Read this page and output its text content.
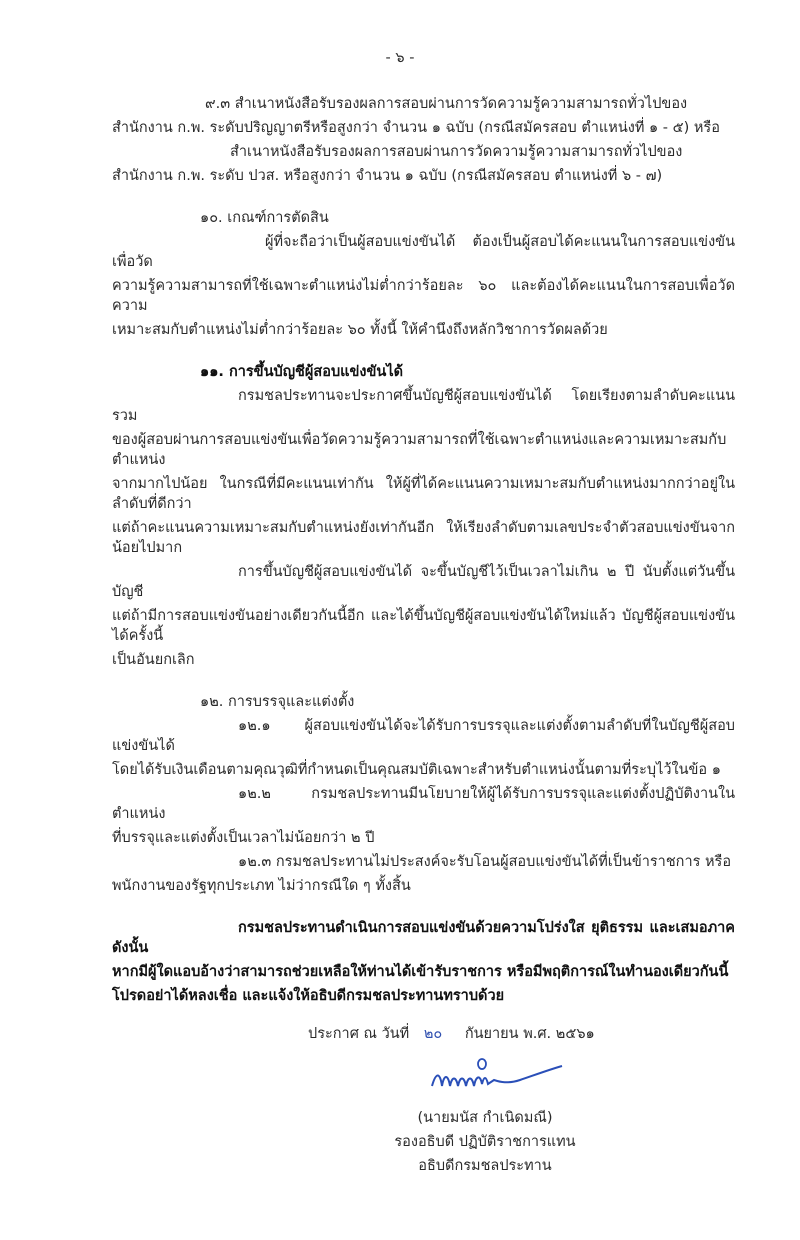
- ๖ -
๙.๓ สำเนาหนังสือรับรองผลการสอบผ่านการวัดความรู้ความสามารถทั่วไปของ
สำนักงาน ก.พ. ระดับปริญญาตรีหรือสูงกว่า จำนวน ๑ ฉบับ (กรณีสมัครสอบ ตำแหน่งที่ ๑ - ๕) หรือ
สำเนาหนังสือรับรองผลการสอบผ่านการวัดความรู้ความสามารถทั่วไปของ
สำนักงาน ก.พ. ระดับ ปวส. หรือสูงกว่า จำนวน ๑ ฉบับ (กรณีสมัครสอบ ตำแหน่งที่ ๖ - ๗)
๑๐. เกณฑ์การตัดสิน
ผู้ที่จะถือว่าเป็นผู้สอบแข่งขันได้ ต้องเป็นผู้สอบได้คะแนนในการสอบแข่งขันเพื่อวัด
ความรู้ความสามารถที่ใช้เฉพาะตำแหน่งไม่ต่ำกว่าร้อยละ ๖๐ และต้องได้คะแนนในการสอบเพื่อวัดความ
เหมาะสมกับตำแหน่งไม่ต่ำกว่าร้อยละ ๖๐ ทั้งนี้ ให้คำนึงถึงหลักวิชาการวัดผลด้วย
๑๑. การขึ้นบัญชีผู้สอบแข่งขันได้
กรมชลประทานจะประกาศขึ้นบัญชีผู้สอบแข่งขันได้ โดยเรียงตามลำดับคะแนนรวม
ของผู้สอบผ่านการสอบแข่งขันเพื่อวัดความรู้ความสามารถที่ใช้เฉพาะตำแหน่งและความเหมาะสมกับตำแหน่ง
จากมากไปน้อย ในกรณีที่มีคะแนนเท่ากัน ให้ผู้ที่ได้คะแนนความเหมาะสมกับตำแหน่งมากกว่าอยู่ในลำดับที่ดีกว่า
แต่ถ้าคะแนนความเหมาะสมกับตำแหน่งยังเท่ากันอีก ให้เรียงลำดับตามเลขประจำตัวสอบแข่งขันจากน้อยไปมาก
การขึ้นบัญชีผู้สอบแข่งขันได้ จะขึ้นบัญชีไว้เป็นเวลาไม่เกิน ๒ ปี นับตั้งแต่วันขึ้นบัญชี
แต่ถ้ามีการสอบแข่งขันอย่างเดียวกันนี้อีก และได้ขึ้นบัญชีผู้สอบแข่งขันได้ใหม่แล้ว บัญชีผู้สอบแข่งขันได้ครั้งนี้
เป็นอันยกเลิก
๑๒. การบรรจุและแต่งตั้ง
๑๒.๑ ผู้สอบแข่งขันได้จะได้รับการบรรจุและแต่งตั้งตามลำดับที่ในบัญชีผู้สอบแข่งขันได้
โดยได้รับเงินเดือนตามคุณวุฒิที่กำหนดเป็นคุณสมบัติเฉพาะสำหรับตำแหน่งนั้นตามที่ระบุไว้ในข้อ ๑
๑๒.๒ กรมชลประทานมีนโยบายให้ผู้ได้รับการบรรจุและแต่งตั้งปฏิบัติงานในตำแหน่ง
ที่บรรจุและแต่งตั้งเป็นเวลาไม่น้อยกว่า ๒ ปี
๑๒.๓ กรมชลประทานไม่ประสงค์จะรับโอนผู้สอบแข่งขันได้ที่เป็นข้าราชการ หรือ
พนักงานของรัฐทุกประเภท ไม่ว่ากรณีใด ๆ ทั้งสิ้น
กรมชลประทานดำเนินการสอบแข่งขันด้วยความโปร่งใส ยุติธรรม และเสมอภาค ดังนั้น
หากมีผู้ใดแอบอ้างว่าสามารถช่วยเหลือให้ท่านได้เข้ารับราชการ หรือมีพฤติการณ์ในทำนองเดียวกันนี้
โปรดอย่าได้หลงเชื่อ และแจ้งให้อธิบดีกรมชลประทานทราบด้วย
ประกาศ ณ วันที่ ๒๐ กันยายน พ.ศ. ๒๕๖๑
(นายมนัส กำเนิดมณี)
รองอธิบดี ปฏิบัติราชการแทน
อธิบดีกรมชลประทาน
